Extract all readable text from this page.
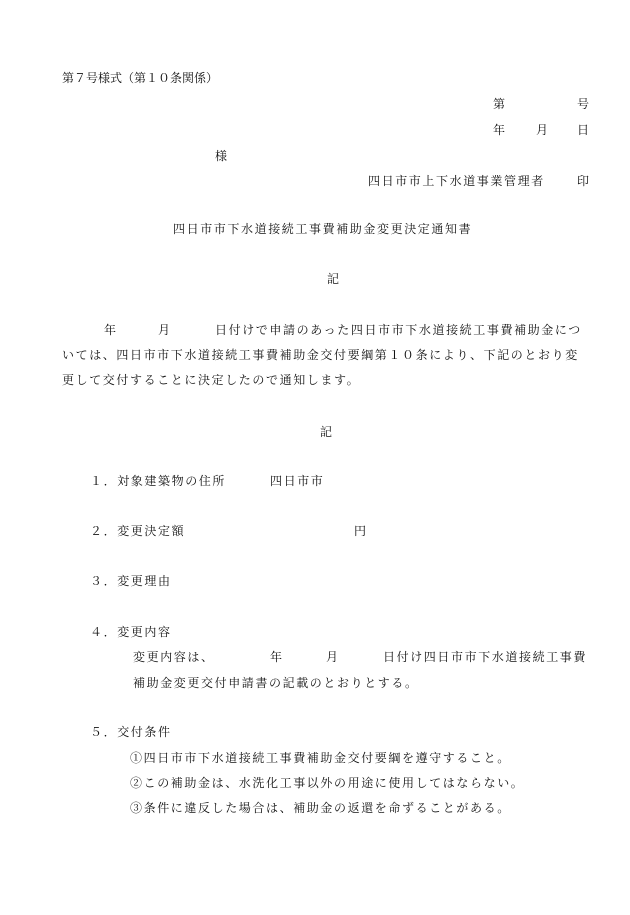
第７号様式（第１０条関係）
第	号
年	月 日
様
四日市市上下水道事業管理者	印
四日市市下水道接続工事費補助金変更決定通知書
記
年	月	日付けで申請のあった四日市市下水道接続工事費補助金につ
いては、四日市市下水道接続工事費補助金交付要綱第１０条により、下記のとおり変
更して交付することに決定したので通知します。
記
１．対象建築物の住所	四日市市
２．変更決定額	円
３．変更理由
４．変更内容
変更内容は、	年	月	日付け四日市市下水道接続工事費
補助金変更交付申請書の記載のとおりとする。
５．交付条件
①四日市市下水道接続工事費補助金交付要綱を遵守すること。
②この補助金は、水洗化工事以外の用途に使用してはならない。
③条件に違反した場合は、補助金の返還を命ずることがある。
